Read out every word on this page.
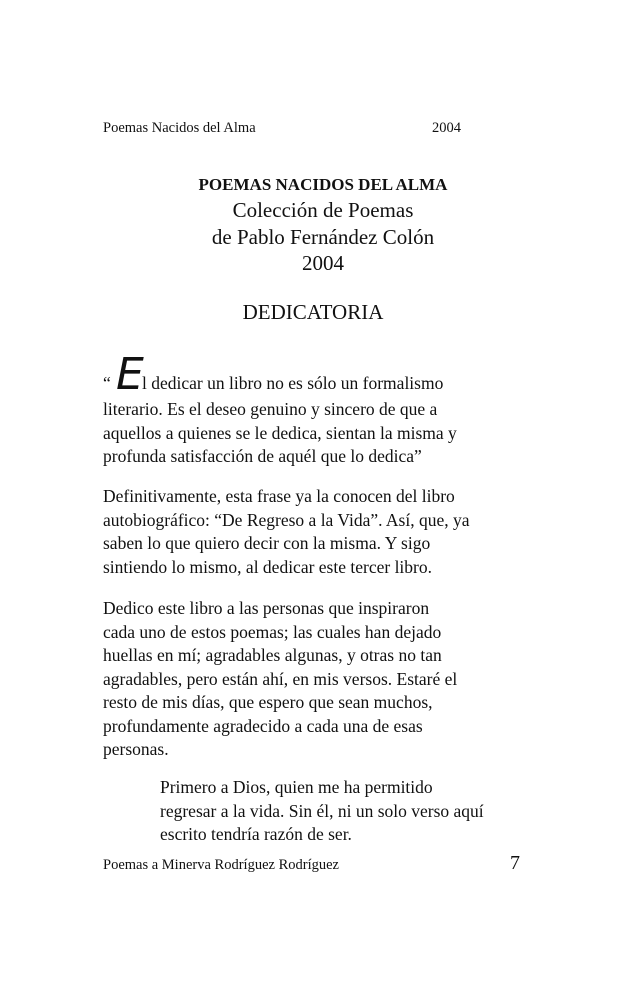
Poemas Nacidos del Alma	2004
POEMAS NACIDOS DEL ALMA
Colección de Poemas
de Pablo Fernández Colón
2004
DEDICATORIA
“ E
l dedicar un libro no es sólo un formalismo
literario. Es el deseo genuino y sincero de que a
aquellos a quienes se le dedica, sientan la misma y
profunda satisfacción de aquél que lo dedica”
Definitivamente, esta frase ya la conocen del libro
autobiográfico: “De Regreso a la Vida”. Así, que, ya
saben lo que quiero decir con la misma. Y sigo
sintiendo lo mismo, al dedicar este tercer libro.
Dedico este libro a las personas que inspiraron
cada uno de estos poemas; las cuales han dejado
huellas en mí; agradables algunas, y otras no tan
agradables, pero están ahí, en mis versos. Estaré el
resto de mis días, que espero que sean muchos,
profundamente agradecido a cada una de esas
personas.
Primero a Dios, quien me ha permitido
regresar a la vida. Sin él, ni un solo verso aquí
escrito tendría razón de ser.
Poemas a Minerva Rodríguez Rodríguez	7
